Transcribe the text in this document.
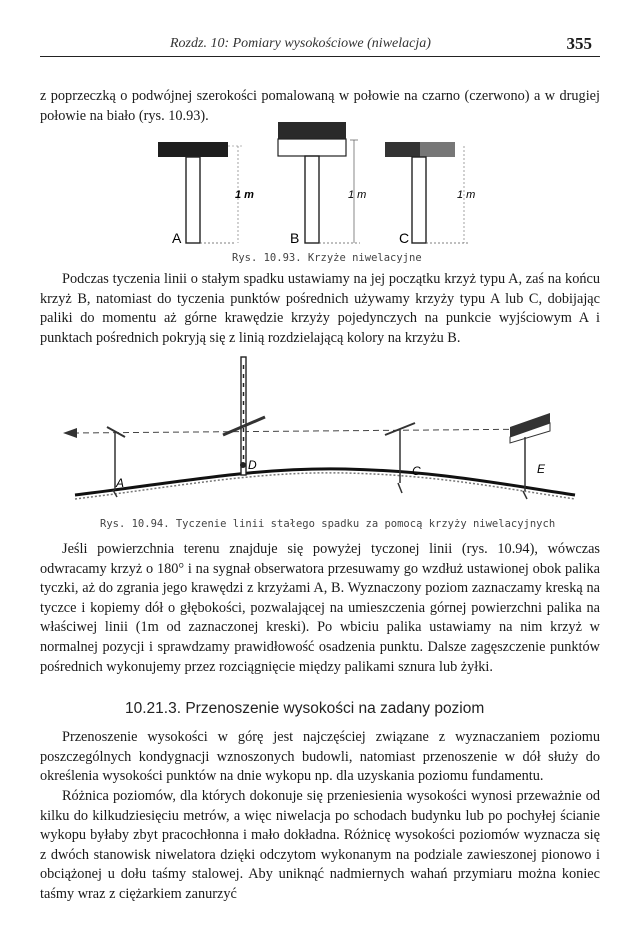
Rozdz. 10: Pomiary wysokościowe (niwelacja)	355

z poprzeczką o podwójnej szerokości pomalowaną w połowie na czarno (czerwono) a w drugiej połowie na biało (rys. 10.93).

A
1 m
B
1 m
C
1 m
Rys. 10.93. Krzyże niwelacyjne

Podczas tyczenia linii o stałym spadku ustawiamy na jej początku krzyż typu A, zaś na końcu krzyż B, natomiast do tyczenia punktów pośrednich używamy krzyży typu A lub C, dobijając paliki do momentu aż górne krawędzie krzyży pojedynczych na punkcie wyjściowym A i punktach pośrednich pokryją się z linią rozdzielającą kolory na krzyżu B.

A
D	C	E
Rys. 10.94. Tyczenie linii stałego spadku za pomocą krzyży niwelacyjnych

Jeśli powierzchnia terenu znajduje się powyżej tyczonej linii (rys. 10.94), wówczas odwracamy krzyż o 180° i na sygnał obserwatora przesuwamy go wzdłuż ustawionej obok palika tyczki, aż do zgrania jego krawędzi z krzyżami A, B. Wyznaczony poziom zaznaczamy kreską na tyczce i kopiemy dół o głębokości, pozwalającej na umieszczenia górnej powierzchni palika na właściwej linii (1m od zaznaczonej kreski). Po wbiciu palika ustawiamy na nim krzyż w normalnej pozycji i sprawdzamy prawidłowość osadzenia punktu. Dalsze zagęszczenie punktów pośrednich wykonujemy przez rozciągnięcie między palikami sznura lub żyłki.

10.21.3. Przenoszenie wysokości na zadany poziom

Przenoszenie wysokości w górę jest najczęściej związane z wyznaczaniem poziomu poszczególnych kondygnacji wznoszonych budowli, natomiast przenoszenie w dół służy do określenia wysokości punktów na dnie wykopu np. dla uzyskania poziomu fundamentu.

Różnica poziomów, dla których dokonuje się przeniesienia wysokości wynosi przeważnie od kilku do kilkudziesięciu metrów, a więc niwelacja po schodach budynku lub po pochyłej ścianie wykopu byłaby zbyt pracochłonna i mało dokładna. Różnicę wysokości poziomów wyznacza się z dwóch stanowisk niwelatora dzięki odczytom wykonanym na podziale zawieszonej pionowo i obciążonej u dołu taśmy stalowej. Aby uniknąć nadmiernych wahań przymiaru można koniec taśmy wraz z ciężarkiem zanurzyć
